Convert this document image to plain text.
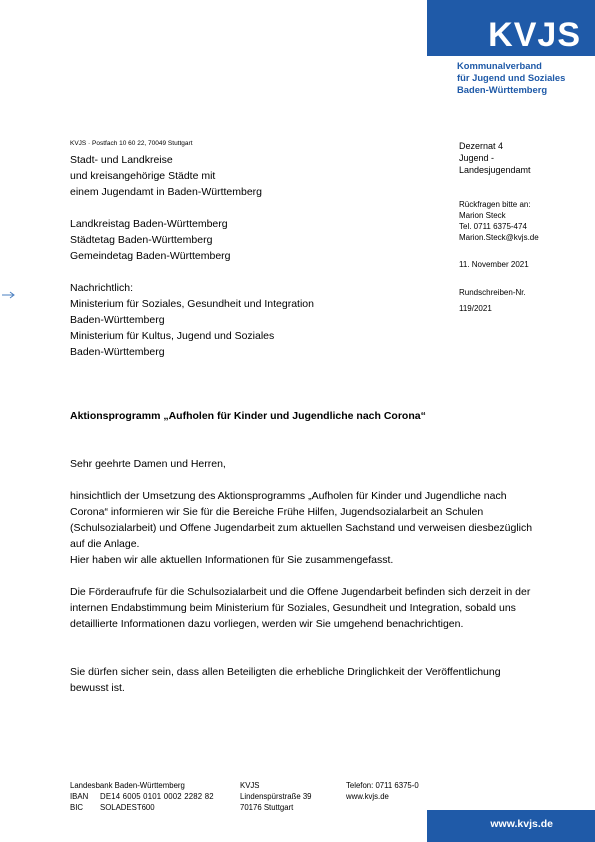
KVJS
Kommunalverband
für Jugend und Soziales
Baden-Württemberg
KVJS · Postfach 10 60 22, 70049 Stuttgart
Stadt- und Landkreise
und kreisangehörige Städte mit
einem Jugendamt in Baden-Württemberg
Landkreistag Baden-Württemberg
Städtetag Baden-Württemberg
Gemeindetag Baden-Württemberg
Nachrichtlich:
Ministerium für Soziales, Gesundheit und Integration
Baden-Württemberg
Ministerium für Kultus, Jugend und Soziales
Baden-Württemberg
Dezernat 4
Jugend -
Landesjugendamt
Rückfragen bitte an:
Marion Steck
Tel. 0711 6375-474
Marion.Steck@kvjs.de
11. November 2021
Rundschreiben-Nr.
119/2021
Aktionsprogramm „Aufholen für Kinder und Jugendliche nach Corona“
Sehr geehrte Damen und Herren,

hinsichtlich der Umsetzung des Aktionsprogramms „Aufholen für Kinder und Jugendliche nach Corona“ informieren wir Sie für die Bereiche Frühe Hilfen, Jugendsozialarbeit an Schulen (Schulsozialarbeit) und Offene Jugendarbeit zum aktuellen Sachstand und verweisen diesbezüglich auf die Anlage.

Hier haben wir alle aktuellen Informationen für Sie zusammengefasst.

Die Förderaufrufe für die Schulsozialarbeit und die Offene Jugendarbeit befinden sich derzeit in der internen Endabstimmung beim Ministerium für Soziales, Gesundheit und Integration, sobald uns detaillierte Informationen dazu vorliegen, werden wir Sie umgehend benachrichtigen.
Sie dürfen sicher sein, dass allen Beteiligten die erhebliche Dringlichkeit der Veröffentlichung bewusst ist.
Landesbank Baden-Württemberg
IBAN DE14 6005 0101 0002 2282 82
BIC SOLADEST600
KVJS
Lindenspürstraße 39
70176 Stuttgart
Telefon: 0711 6375-0
www.kvjs.de
www.kvjs.de
